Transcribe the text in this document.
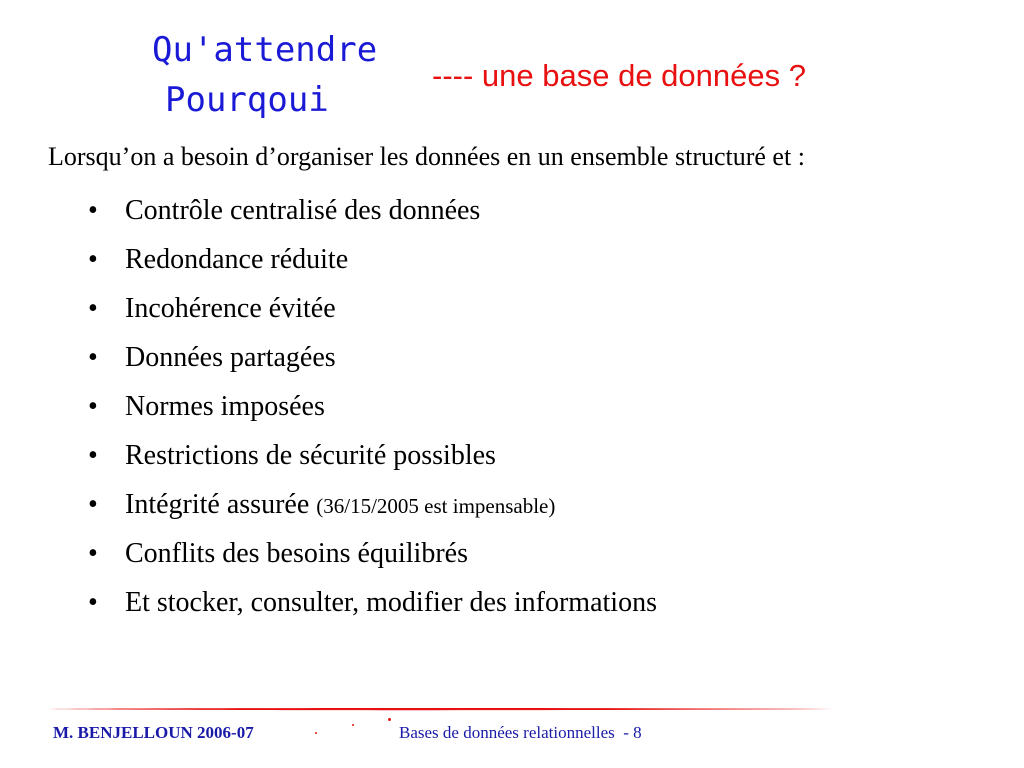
Qu'attendre
Pourqoui
---- une base de données ?
Lorsqu’on a besoin d’organiser les données en un ensemble structuré et :
• Contrôle centralisé des données
• Redondance réduite
• Incohérence évitée
• Données partagées
• Normes imposées
• Restrictions de sécurité possibles
• Intégrité assurée (36/15/2005 est impensable)
• Conflits des besoins équilibrés
• Et stocker, consulter, modifier des informations
M. BENJELLOUN 2006-07	Bases de données relationnelles - 8
